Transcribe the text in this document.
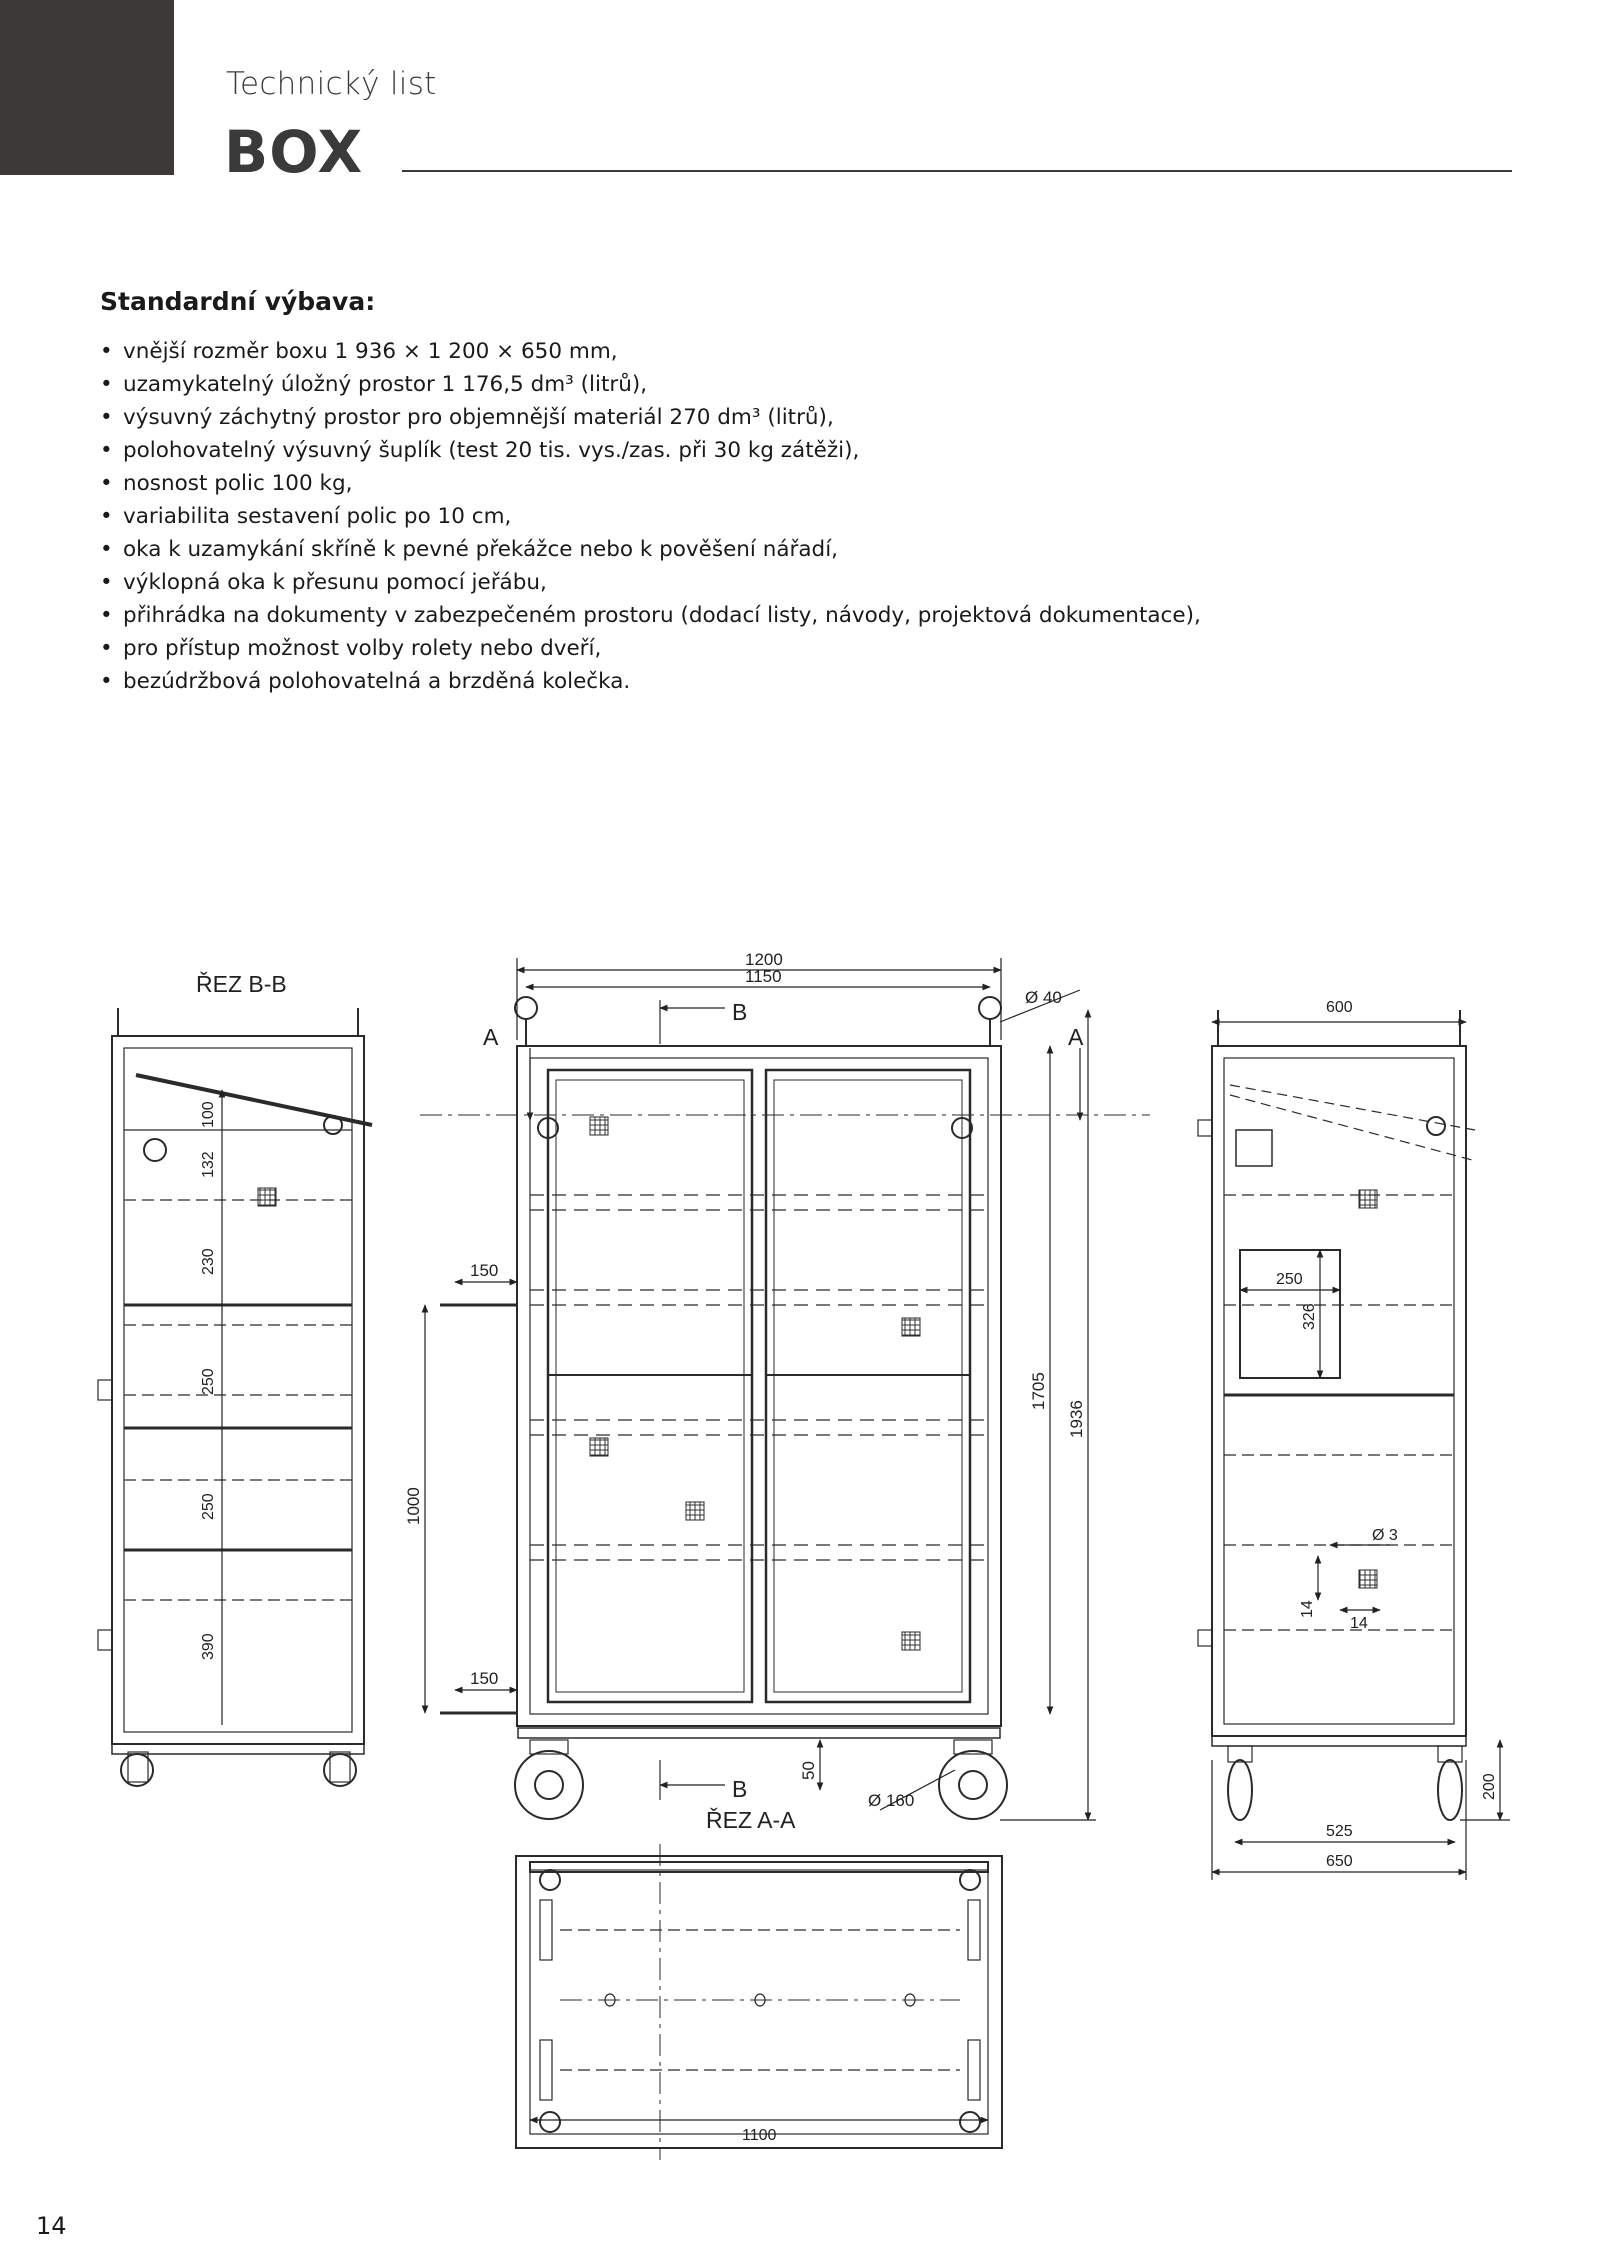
Technický list
BOX
Standardní výbava:
• vnější rozměr boxu 1 936 × 1 200 × 650 mm,
• uzamykatelný úložný prostor 1 176,5 dm³ (litrů),
• výsuvný záchytný prostor pro objemnější materiál 270 dm³ (litrů),
• polohovatelný výsuvný šuplík (test 20 tis. vys./zas. při 30 kg zátěži),
• nosnost polic 100 kg,
• variabilita sestavení polic po 10 cm,
• oka k uzamykání skříně k pevné překážce nebo k pověšení nářadí,
• výklopná oka k přesunu pomocí jeřábu,
• přihrádka na dokumenty v zabezpečeném prostoru (dodací listy, návody, projektová dokumentace),
• pro přístup možnost volby rolety nebo dveří,
• bezúdržbová polohovatelná a brzděná kolečka.
ŘEZ B-B
100
132
230
250
250
390
1200
1150
Ø 40
B
A	A
150
150
1000
1705
1936
50
Ø 160
B
ŘEZ A-A
600
250
326
Ø 3
14
14
200
525
650
1100
14
